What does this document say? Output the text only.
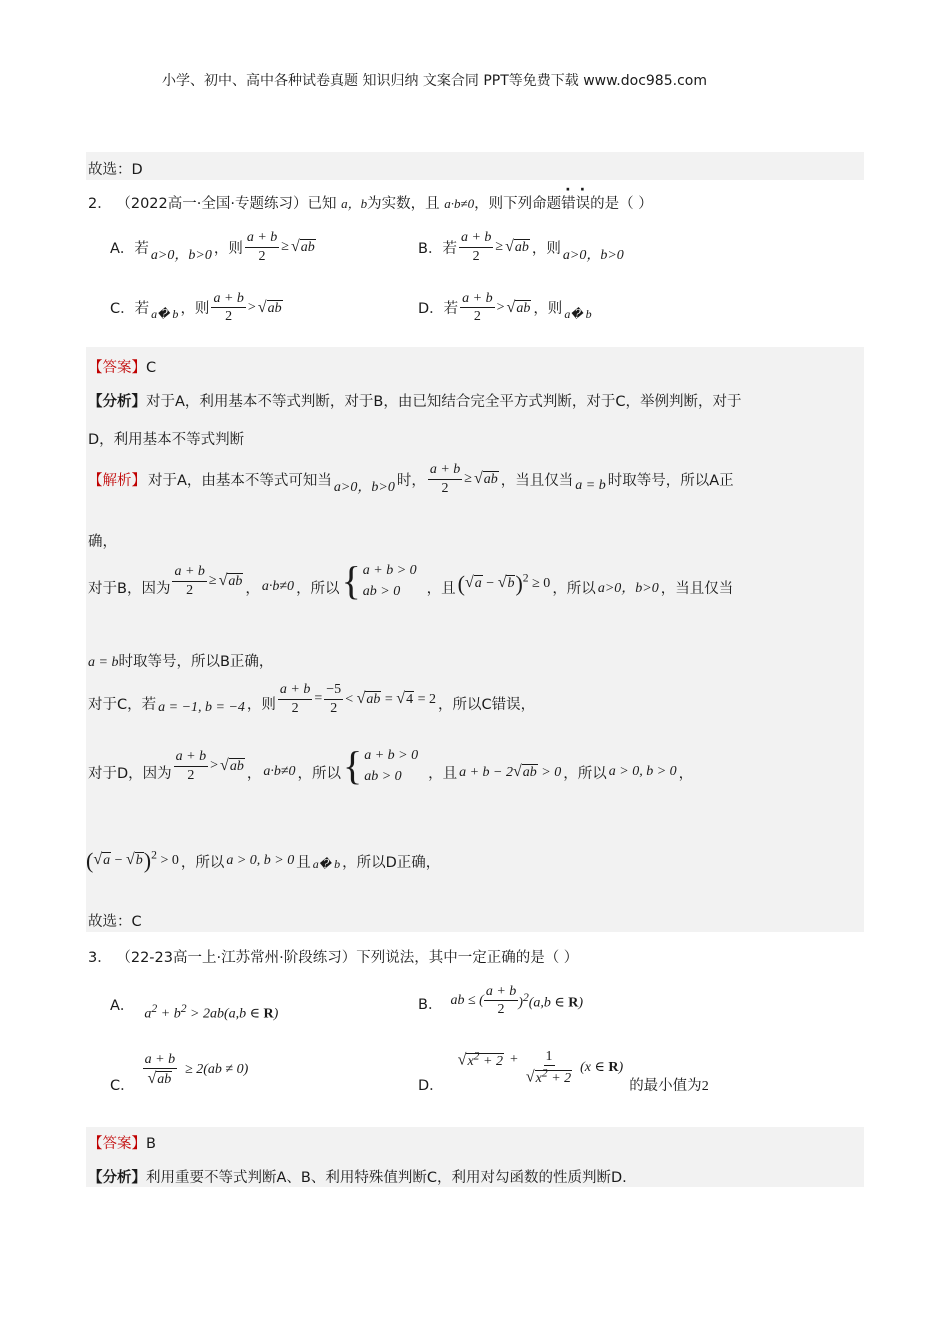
小学、初中、高中各种试卷真题 知识归纳 文案合同 PPT等免费下载 www.doc985.com
故选：D
2． （2022高一·全国·专题练习）已知 a，b为实数，且 a·b≠0，则下列命题错误的是（ ）
A．若 a>0，b>0 ，则 $\frac{a + b}{2} \ge √ab$	B．若 $\frac{a + b}{2} \ge √ab$ ，则 a>0，b>0
C．若 a� b ，则 $\frac{a + b}{2} > √ab$	D．若 $\frac{a + b}{2} > √ab$ ，则 a� b
【答案】C
【分析】对于A，利用基本不等式判断，对于B，由已知结合完全平方式判断，对于C，举例判断，对于
D，利用基本不等式判断
【解析】 对于A，由基本不等式可知当 a>0，b>0 时， $\frac{a + b}{2} \ge √ab$ ，当且仅当 a = b 时取等号，所以A正
确，
对于B，因为 $\frac{a + b}{2} \ge √ab$ ， a·b≠0 ，所以 { a + b > 0
ab > 0	，且 $(√a - √b)^2 \ge 0$ ，所以 a>0，b>0 ，当且仅当
a = b时取等号，所以B正确，
对于C，若 a = −1, b = −4 ，则 $\frac{a + b}{2} = \frac{-5}{2} < √ab = √4 = 2$ ，所以C错误，
对于D，因为 $\frac{a + b}{2} > √ab$ ， a·b≠0 ，所以 { a + b > 0
ab > 0	，且 a + b − 2√ab > 0 ，所以 a > 0, b > 0 ，
$(√a - √b)^2 > 0$ ，所以 a > 0, b > 0 且 a� b ，所以D正确，
故选：C
3． （22-23高一上·江苏常州·阶段练习）下列说法，其中一定正确的是（ ）
A．
$a^2 + b^2 > 2ab(a,b$ ∈ R)
B． ab ≤ ( $\frac{a + b}{2} )^2(a,b$ ∈ R)
C． $\frac{a + b}{√ab} \ge 2(ab \ne 0)$
D．
$√x^2 + 2 + \frac{1}{√x^2 + 2} (x$ ∈ R)
的最小值为2
【答案】B
【分析】利用重要不等式判断A、B、利用特殊值判断C，利用对勾函数的性质判断D.
